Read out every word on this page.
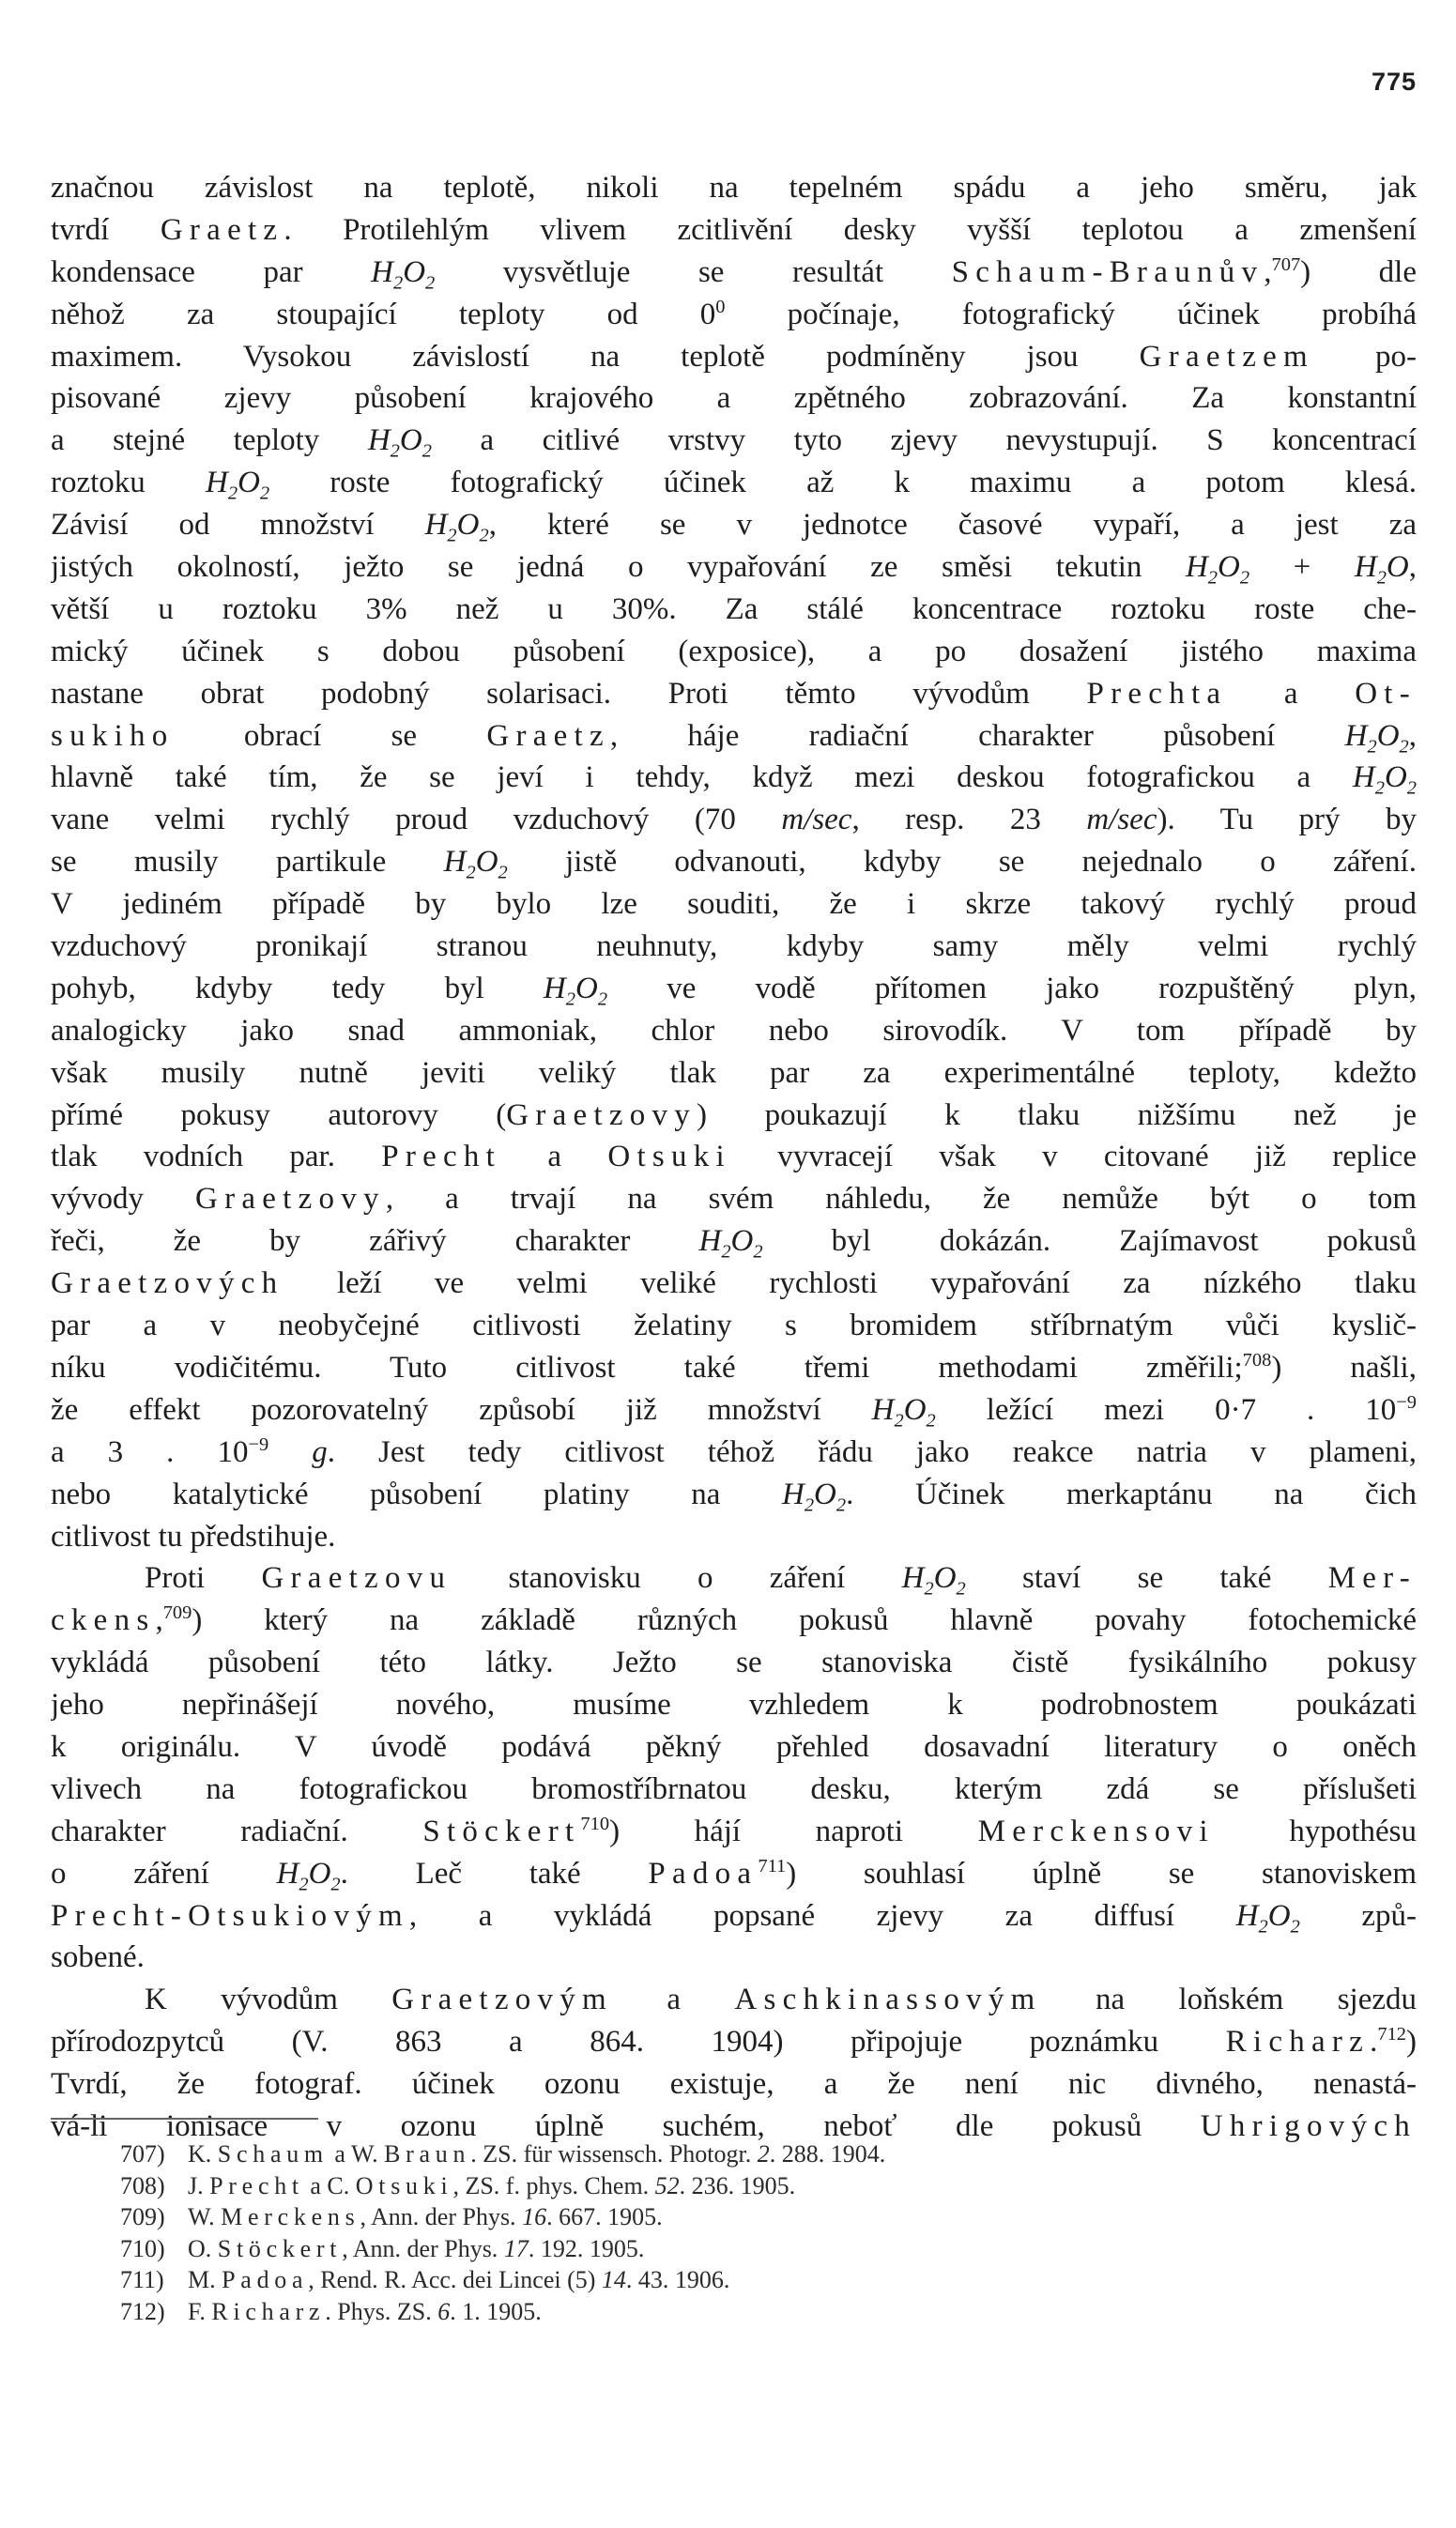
775
značnou závislost na teplotě, nikoli na tepelném spádu a jeho směru, jak
tvrdí Graetz. Protilehlým vlivem zcitlivění desky vyšší teplotou a zmenšení
kondensace par $H_2O_2$ vysvětluje se resultát Schaum-Braunův,$^{707}$) dle
něhož za stoupající teploty od $0^0$ počínaje, fotografický účinek probíhá
maximem. Vysokou závislostí na teplotě podmíněny jsou Graetzem po-
pisované zjevy působení krajového a zpětného zobrazování. Za konstantní
a stejné teploty $H_2O_2$ a citlivé vrstvy tyto zjevy nevystupují. S koncentrací
roztoku $H_2O_2$ roste fotografický účinek až k maximu a potom klesá.
Závisí od množství $H_2O_2$, které se v jednotce časové vypaří, a jest za
jistých okolností, ježto se jedná o vypařování ze směsi tekutin $H_2O_2 + H_2O$,
větší u roztoku 3% než u 30%. Za stálé koncentrace roztoku roste che-
mický účinek s dobou působení (exposice), a po dosažení jistého maxima
nastane obrat podobný solarisaci. Proti těmto vývodům Prechta a Ot-
sukiho obrací se Graetz, háje radiační charakter působení $H_2O_2$,
hlavně také tím, že se jeví i tehdy, když mezi deskou fotografickou a $H_2O_2$
vane velmi rychlý proud vzduchový (70 m/sec, resp. 23 m/sec). Tu prý by
se musily partikule $H_2O_2$ jistě odvanouti, kdyby se nejednalo o záření.
V jediném případě by bylo lze souditi, že i skrze takový rychlý proud
vzduchový pronikají stranou neuhnuty, kdyby samy měly velmi rychlý
pohyb, kdyby tedy byl $H_2O_2$ ve vodě přítomen jako rozpuštěný plyn,
analogicky jako snad ammoniak, chlor nebo sirovodík. V tom případě by
však musily nutně jeviti veliký tlak par za experimentálné teploty, kdežto
přímé pokusy autorovy (Graetzovy) poukazují k tlaku nižšímu než je
tlak vodních par. Precht a Otsuki vyvracejí však v citované již replice
vývody Graetzovy, a trvají na svém náhledu, že nemůže být o tom
řeči, že by zářivý charakter $H_2O_2$ byl dokázán. Zajímavost pokusů
Graetzových leží ve velmi veliké rychlosti vypařování za nízkého tlaku
par a v neobyčejné citlivosti želatiny s bromidem stříbrnatým vůči kyslič-
níku vodičitému. Tuto citlivost také třemi methodami změřili;$^{708}$) našli,
že effekt pozorovatelný způsobí již množství $H_2O_2$ ležící mezi 0·7 . $10^{-9}$
a 3 . $10^{-9}$ g. Jest tedy citlivost téhož řádu jako reakce natria v plameni,
nebo katalytické působení platiny na $H_2O_2$. Účinek merkaptánu na čich
citlivost tu předstihuje.
Proti Graetzovu stanovisku o záření $H_2O_2$ staví se také Mer-
ckens,$^{709}$) který na základě různých pokusů hlavně povahy fotochemické
vykládá působení této látky. Ježto se stanoviska čistě fysikálního pokusy
jeho nepřinášejí nového, musíme vzhledem k podrobnostem poukázati
k originálu. V úvodě podává pěkný přehled dosavadní literatury o oněch
vlivech na fotografickou bromostříbrnatou desku, kterým zdá se příslušeti
charakter radiační. Stöckert$^{710}$) hájí naproti Merckensovi hypothésu
o záření $H_2O_2$. Leč také Padoa$^{711}$) souhlasí úplně se stanoviskem
Precht-Otsukiovým, a vykládá popsané zjevy za diffusí $H_2O_2$ způ-
sobené.
K vývodům Graetzovým a Aschkinassovým na loňském sjezdu
přírodozpytců (V. 863 a 864. 1904) připojuje poznámku Richarz.$^{712}$)
Tvrdí, že fotograf. účinek ozonu existuje, a že není nic divného, nenastá-
vá-li ionisace v ozonu úplně suchém, neboť dle pokusů Uhrigových
707) K. Schaum a W. Braun. ZS. für wissensch. Photogr. 2. 288. 1904.
708) J. Precht a C. Otsuki, ZS. f. phys. Chem. 52. 236. 1905.
709) W. Merckens, Ann. der Phys. 16. 667. 1905.
710) O. Stöckert, Ann. der Phys. 17. 192. 1905.
711) M. Padoa, Rend. R. Acc. dei Lincei (5) 14. 43. 1906.
712) F. Richarz. Phys. ZS. 6. 1. 1905.
